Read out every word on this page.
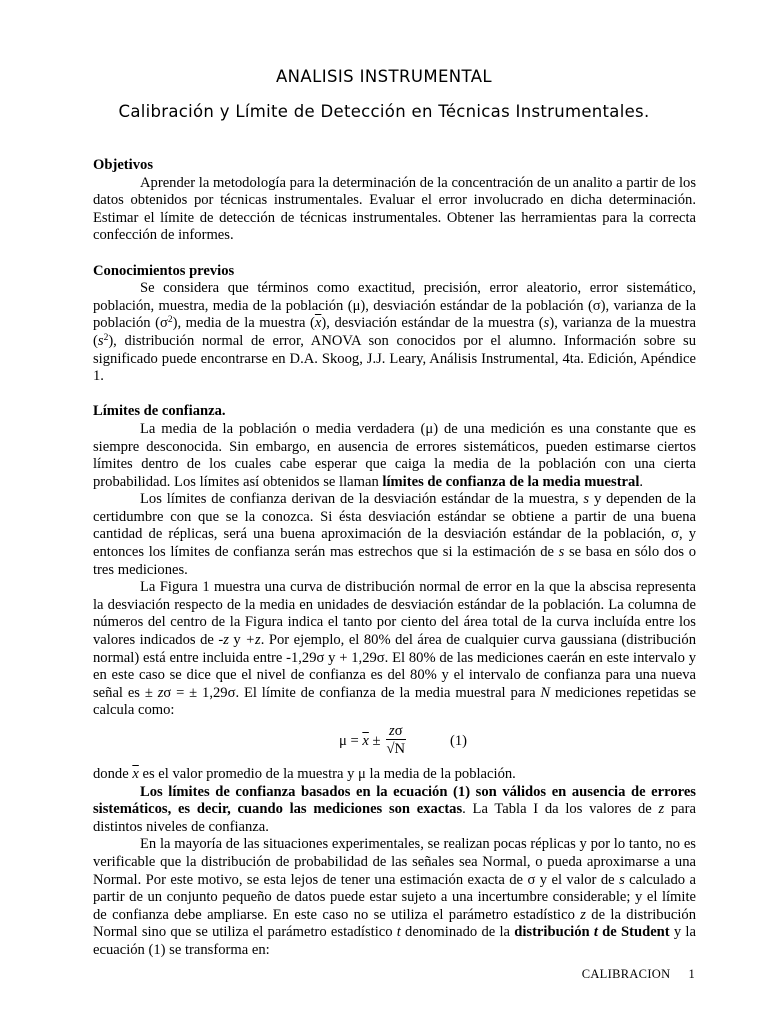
ANALISIS INSTRUMENTAL
Calibración y Límite de Detección en Técnicas Instrumentales.
Objetivos

Aprender la metodología para la determinación de la concentración de un analito a partir de los datos obtenidos por técnicas instrumentales. Evaluar el error involucrado en dicha determinación. Estimar el límite de detección de técnicas instrumentales. Obtener las herramientas para la correcta confección de informes.

Conocimientos previos

Se considera que términos como exactitud, precisión, error aleatorio, error sistemático, población, muestra, media de la población (μ), desviación estándar de la población (σ), varianza de la población $(\sigma^2)$, media de la muestra $(\overline{x})$, desviación estándar de la muestra (s), varianza de la muestra $(s^2)$, distribución normal de error, ANOVA son conocidos por el alumno. Información sobre su significado puede encontrarse en D.A. Skoog, J.J. Leary, Análisis Instrumental, 4ta. Edición, Apéndice 1.

Límites de confianza.

La media de la población o media verdadera (μ) de una medición es una constante que es siempre desconocida. Sin embargo, en ausencia de errores sistemáticos, pueden estimarse ciertos límites dentro de los cuales cabe esperar que caiga la media de la población con una cierta probabilidad. Los límites así obtenidos se llaman límites de confianza de la media muestral.

Los límites de confianza derivan de la desviación estándar de la muestra, s y dependen de la certidumbre con que se la conozca. Si ésta desviación estándar se obtiene a partir de una buena cantidad de réplicas, será una buena aproximación de la desviación estándar de la población, σ, y entonces los límites de confianza serán mas estrechos que si la estimación de s se basa en sólo dos o tres mediciones.

La Figura 1 muestra una curva de distribución normal de error en la que la abscisa representa la desviación respecto de la media en unidades de desviación estándar de la población. La columna de números del centro de la Figura indica el tanto por ciento del área total de la curva incluída entre los valores indicados de -z y +z. Por ejemplo, el 80% del área de cualquier curva gaussiana (distribución normal) está entre incluida entre -1,29σ y + 1,29σ. El 80% de las mediciones caerán en este intervalo y en este caso se dice que el nivel de confianza es del 80% y el intervalo de confianza para una nueva señal es ± zσ = ± 1,29σ. El límite de confianza de la media muestral para N mediciones repetidas se calcula como:

$\mu = \overline{x} \pm \frac{z\sigma}{√N}$	(1)

donde $\overline{x}$ es el valor promedio de la muestra y μ la media de la población.

Los límites de confianza basados en la ecuación (1) son válidos en ausencia de errores sistemáticos, es decir, cuando las mediciones son exactas. La Tabla I da los valores de z para distintos niveles de confianza.

En la mayoría de las situaciones experimentales, se realizan pocas réplicas y por lo tanto, no es verificable que la distribución de probabilidad de las señales sea Normal, o pueda aproximarse a una Normal. Por este motivo, se esta lejos de tener una estimación exacta de σ y el valor de s calculado a partir de un conjunto pequeño de datos puede estar sujeto a una incertumbre considerable; y el límite de confianza debe ampliarse. En este caso no se utiliza el parámetro estadístico z de la distribución Normal sino que se utiliza el parámetro estadístico t denominado de la distribución t de Student y la ecuación (1) se transforma en:

CALIBRACION 1
